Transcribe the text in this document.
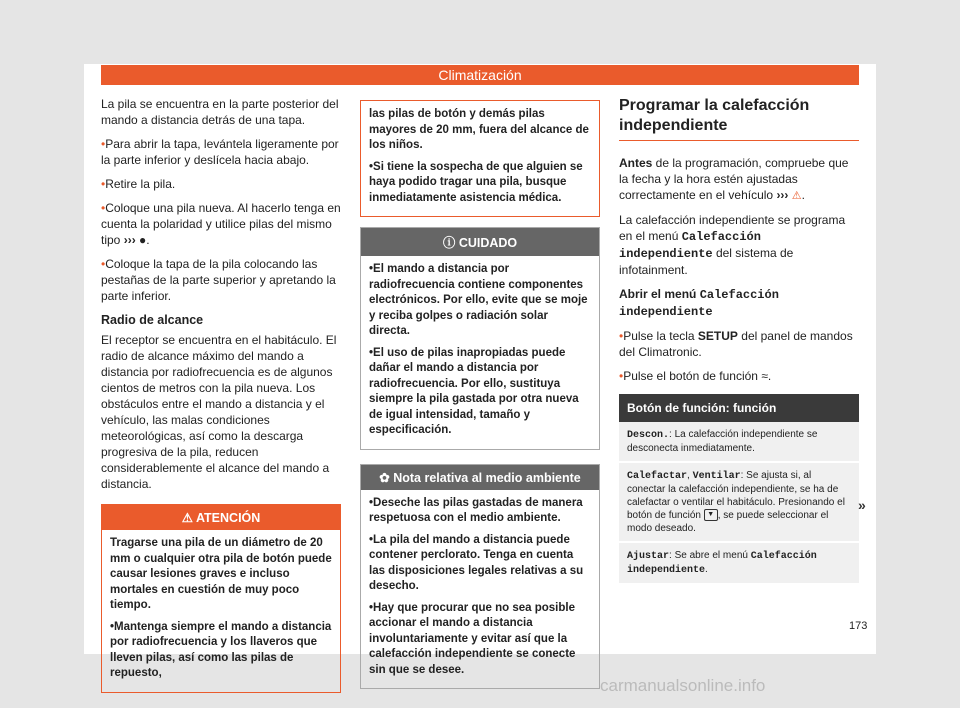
Climatización

La pila se encuentra en la parte posterior del mando a distancia detrás de una tapa.

• Para abrir la tapa, levántela ligeramente por la parte inferior y deslícela hacia abajo.

• Retire la pila.

• Coloque una pila nueva. Al hacerlo tenga en cuenta la polaridad y utilice pilas del mismo tipo ››› ●.

• Coloque la tapa de la pila colocando las pestañas de la parte superior y apretando la parte inferior.

Radio de alcance

El receptor se encuentra en el habitáculo. El radio de alcance máximo del mando a distancia por radiofrecuencia es de algunos cientos de metros con la pila nueva. Los obstáculos entre el mando a distancia y el vehículo, las malas condiciones meteorológicas, así como la descarga progresiva de la pila, reducen considerablemente el alcance del mando a distancia.

⚠ ATENCIÓN

Tragarse una pila de un diámetro de 20 mm o cualquier otra pila de botón puede causar lesiones graves e incluso mortales en cuestión de muy poco tiempo.

• Mantenga siempre el mando a distancia por radiofrecuencia y los llaveros que lleven pilas, así como las pilas de repuesto,

las pilas de botón y demás pilas mayores de 20 mm, fuera del alcance de los niños.

• Si tiene la sospecha de que alguien se haya podido tragar una pila, busque inmediatamente asistencia médica.

ⓘ CUIDADO

• El mando a distancia por radiofrecuencia contiene componentes electrónicos. Por ello, evite que se moje y reciba golpes o radiación solar directa.

• El uso de pilas inapropiadas puede dañar el mando a distancia por radiofrecuencia. Por ello, sustituya siempre la pila gastada por otra nueva de igual intensidad, tamaño y especificación.

✿ Nota relativa al medio ambiente

• Deseche las pilas gastadas de manera respetuosa con el medio ambiente.

• La pila del mando a distancia puede contener perclorato. Tenga en cuenta las disposiciones legales relativas a su desecho.

• Hay que procurar que no sea posible accionar el mando a distancia involuntariamente y evitar así que la calefacción independiente se conecte sin que se desee.

Programar la calefacción independiente

Antes de la programación, compruebe que la fecha y la hora estén ajustadas correctamente en el vehículo ››› ⚠.

La calefacción independiente se programa en el menú Calefacción independiente del sistema de infotainment.

Abrir el menú Calefacción independiente

• Pulse la tecla SETUP del panel de mandos del Climatronic.

• Pulse el botón de función ≈.

Botón de función: función
Descon.: La calefacción independiente se desconecta inmediatamente.
Calefactar, Ventilar: Se ajusta si, al conectar la calefacción independiente, se ha de calefactar o ventilar el habitáculo. Presionando el botón de función ▼ , se puede seleccionar el modo deseado.
Ajustar: Se abre el menú Calefacción independiente.
»
173
carmanualsonline.info
